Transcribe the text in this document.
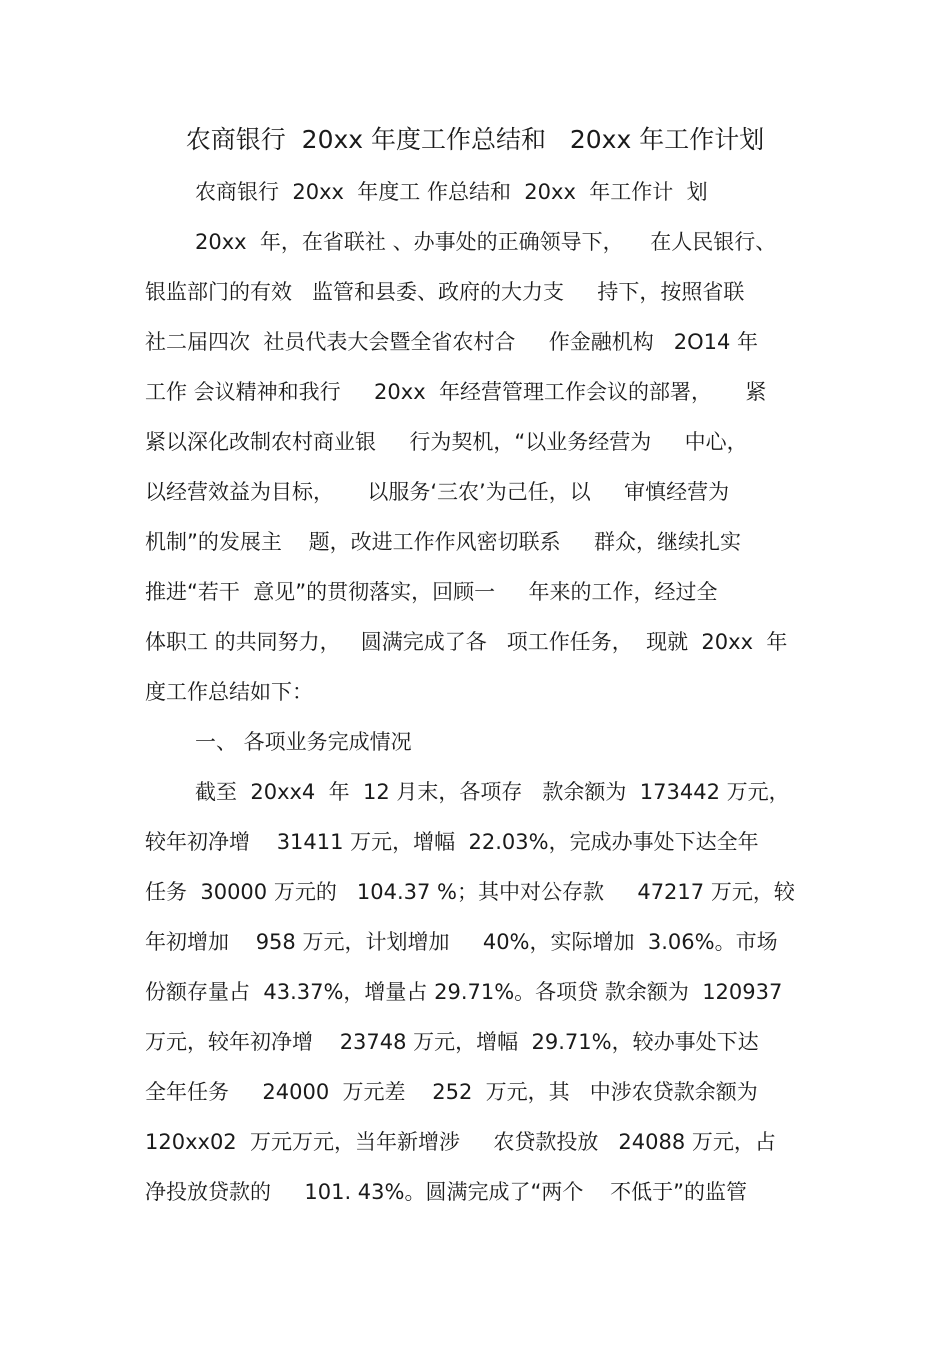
农商银行  20xx 年度工作总结和   20xx 年工作计划

农商银行  20xx  年度工 作总结和  20xx  年工作计  划

20xx  年，在省联社 、办事处的正确领导下，    在人民银行、

银监部门的有效   监管和县委、政府的大力支     持下，按照省联

社二届四次  社员代表大会暨全省农村合     作金融机构   2O14 年

工作 会议精神和我行     20xx  年经营管理工作会议的部署，     紧

紧以深化改制农村商业银     行为契机，“以业务经营为     中心，

以经营效益为目标，     以服务‘三农’为己任，以     审慎经营为

机制”的发展主    题，改进工作作风密切联系     群众，继续扎实

推进“若干  意见”的贯彻落实，回顾一     年来的工作，经过全

体职工 的共同努力，   圆满完成了各   项工作任务，  现就  20xx  年

度工作总结如下：

一、 各项业务完成情况

截至  20xx4  年  12 月末，各项存   款余额为  173442 万元，

较年初净增    31411 万元，增幅  22.03%，完成办事处下达全年

任务  30000 万元的   104.37 %；其中对公存款     47217 万元，较

年初增加    958 万元，计划增加     40%，实际增加  3.06%。市场

份额存量占  43.37%，增量占 29.71%。各项贷 款余额为  120937

万元，较年初净增    23748 万元，增幅  29.71%，较办事处下达

全年任务     24000  万元差    252  万元，其   中涉农贷款余额为

120xx02  万元万元，当年新增涉     农贷款投放   24088 万元，占

净投放贷款的     101. 43%。圆满完成了“两个    不低于”的监管
